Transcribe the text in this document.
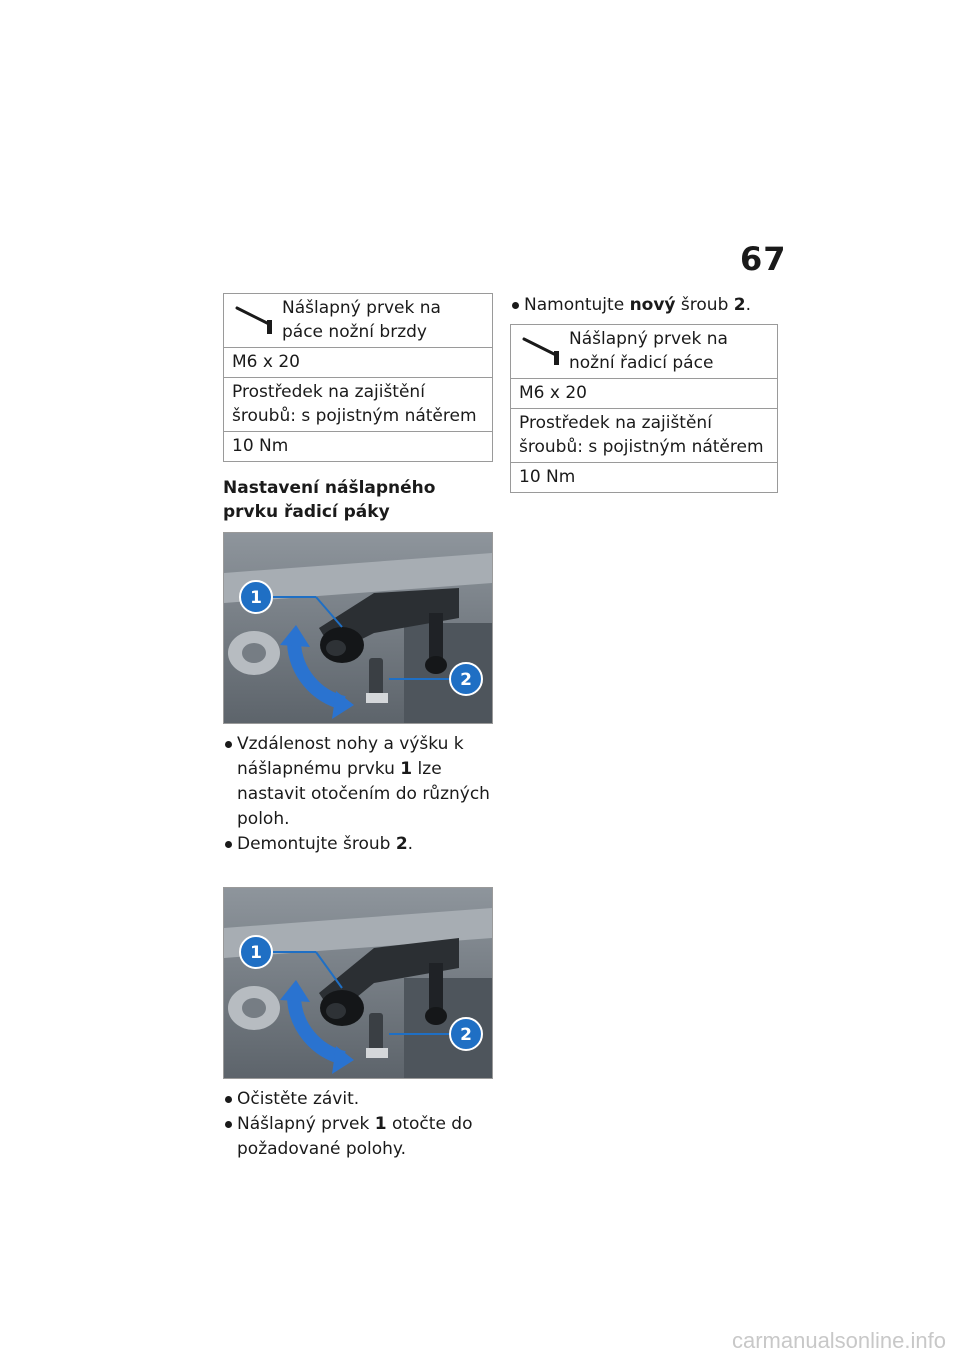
67
Nášlapný prvek na páce nožní brzdy

M6 x 20
Prostředek na zajištění šroubů: s pojistným nátěrem
10 Nm
Nastavení nášlapného prvku řadicí páky
1
2
Vzdálenost nohy a výšku k nášlapnému prvku 1 lze nastavit otočením do různých poloh.
Demontujte šroub 2.
1
2
Očistěte závit.
Nášlapný prvek 1 otočte do požadované polohy.
Namontujte nový šroub 2.
Nášlapný prvek na nožní řadicí páce

M6 x 20
Prostředek na zajištění šroubů: s pojistným nátěrem
10 Nm
carmanualsonline.info
